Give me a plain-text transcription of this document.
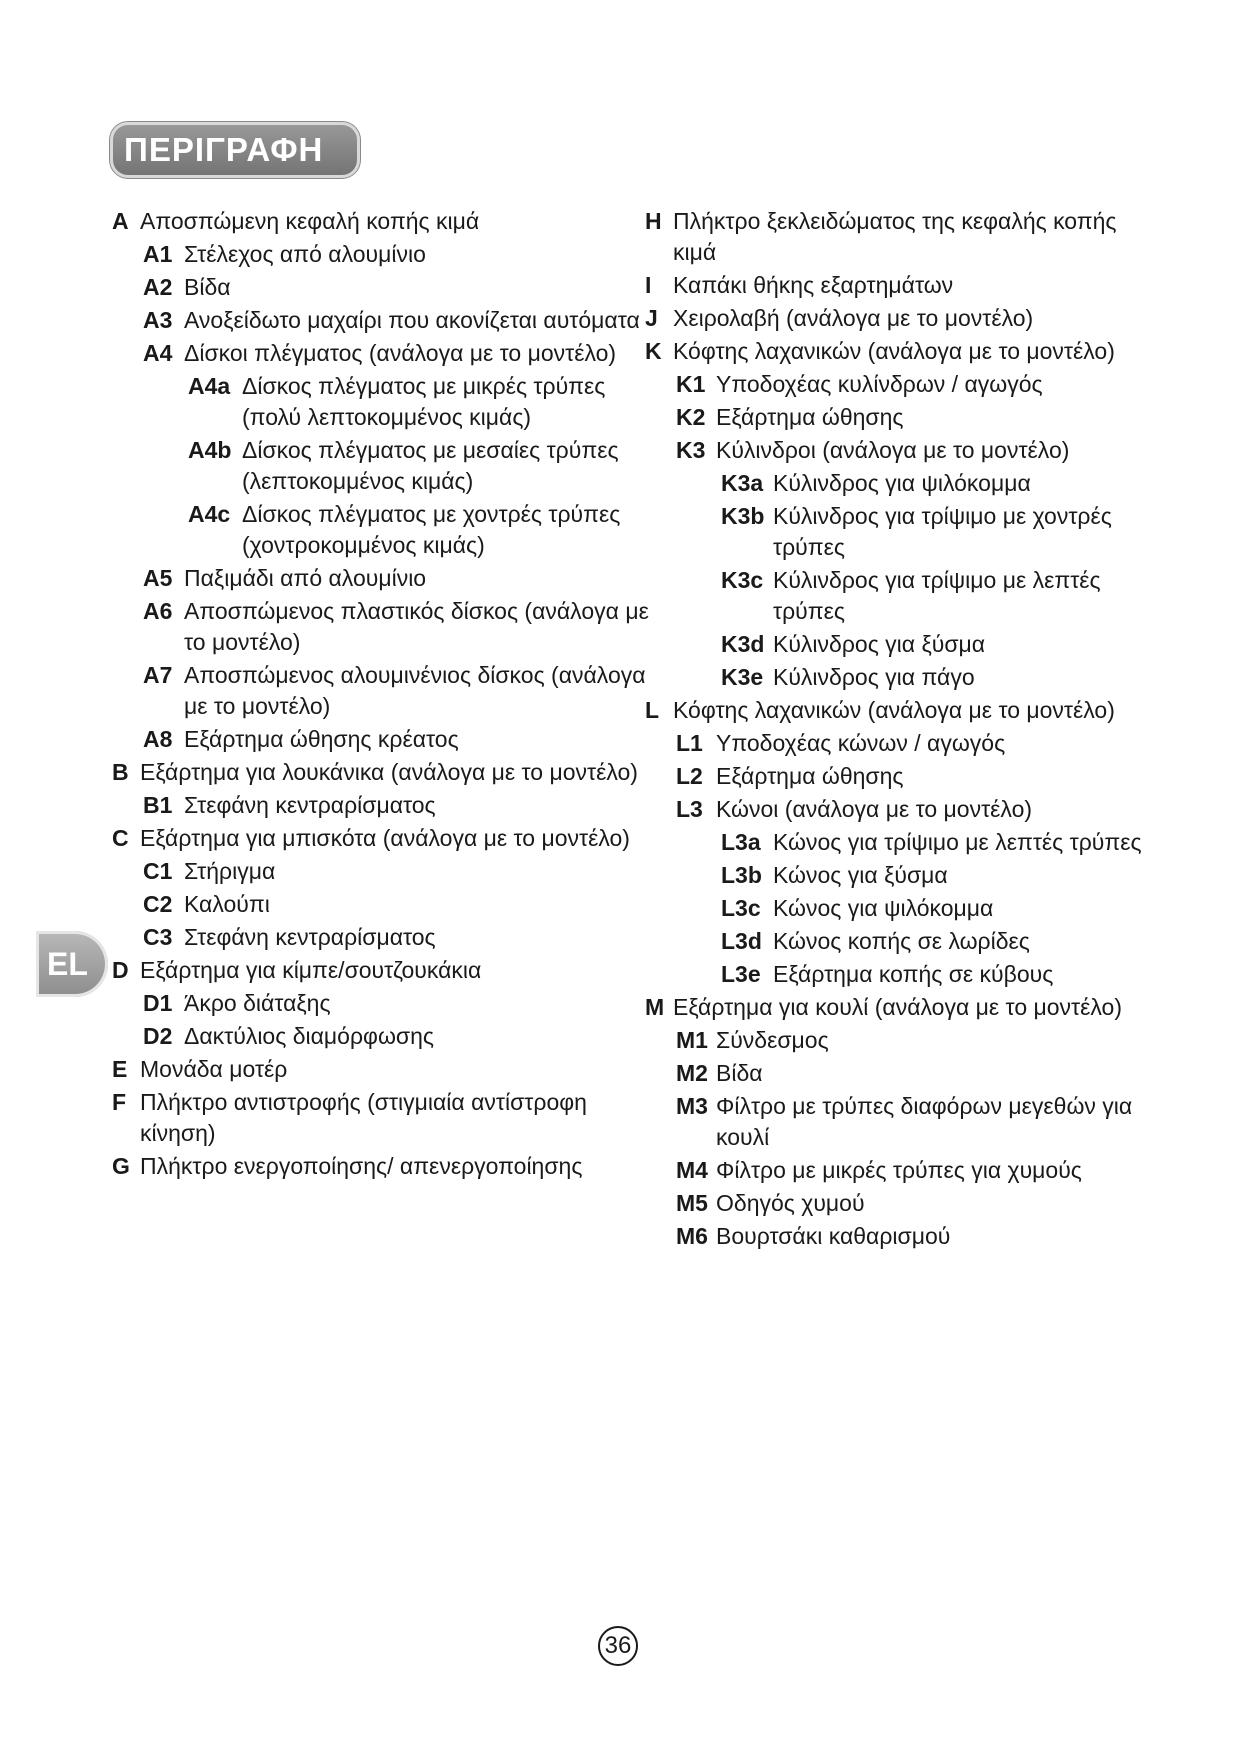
ΠΕΡΙΓΡΑΦΗ
EL
A Αποσπώμενη κεφαλή κοπής κιμά
A1 Στέλεχος από αλουμίνιο
A2 Βίδα
A3 Ανοξείδωτο μαχαίρι που ακονίζεται αυτόματα
A4 Δίσκοι πλέγματος (ανάλογα με το μοντέλο)
A4a Δίσκος πλέγματος με μικρές τρύπες (πολύ λεπτοκομμένος κιμάς)
A4b Δίσκος πλέγματος με μεσαίες τρύπες (λεπτοκομμένος κιμάς)
A4c Δίσκος πλέγματος με χοντρές τρύπες (χοντροκομμένος κιμάς)
A5 Παξιμάδι από αλουμίνιο
A6 Αποσπώμενος πλαστικός δίσκος (ανάλογα με το μοντέλο)
A7 Αποσπώμενος αλουμινένιος δίσκος (ανάλογα με το μοντέλο)
A8 Εξάρτημα ώθησης κρέατος
B Εξάρτημα για λουκάνικα (ανάλογα με το μοντέλο)
B1 Στεφάνη κεντραρίσματος
C Εξάρτημα για μπισκότα (ανάλογα με το μοντέλο)
C1 Στήριγμα
C2 Καλούπι
C3 Στεφάνη κεντραρίσματος
D Εξάρτημα για κίμπε/σουτζουκάκια
D1 Άκρο διάταξης
D2 Δακτύλιος διαμόρφωσης
E Μονάδα μοτέρ
F Πλήκτρο αντιστροφής (στιγμιαία αντίστροφη κίνηση)
G Πλήκτρο ενεργοποίησης/ απενεργοποίησης
H Πλήκτρο ξεκλειδώματος της κεφαλής κοπής κιμά
I Καπάκι θήκης εξαρτημάτων
J Χειρολαβή (ανάλογα με το μοντέλο)
K Κόφτης λαχανικών (ανάλογα με το μοντέλο)
K1 Υποδοχέας κυλίνδρων / αγωγός
K2 Εξάρτημα ώθησης
K3 Κύλινδροι (ανάλογα με το μοντέλο)
K3a Κύλινδρος για ψιλόκομμα
K3b Κύλινδρος για τρίψιμο με χοντρές τρύπες
K3c Κύλινδρος για τρίψιμο με λεπτές τρύπες
K3d Κύλινδρος για ξύσμα
K3e Κύλινδρος για πάγο
L Κόφτης λαχανικών (ανάλογα με το μοντέλο)
L1 Υποδοχέας κώνων / αγωγός
L2 Εξάρτημα ώθησης
L3 Κώνοι (ανάλογα με το μοντέλο)
L3a Κώνος για τρίψιμο με λεπτές τρύπες
L3b Κώνος για ξύσμα
L3c Κώνος για ψιλόκομμα
L3d Κώνος κοπής σε λωρίδες
L3e Εξάρτημα κοπής σε κύβους
M Εξάρτημα για κουλί (ανάλογα με το μοντέλο)
M1 Σύνδεσμος
M2 Βίδα
M3 Φίλτρο με τρύπες διαφόρων μεγεθών για κουλί
M4 Φίλτρο με μικρές τρύπες για χυμούς
M5 Οδηγός χυμού
M6 Βουρτσάκι καθαρισμού
36
